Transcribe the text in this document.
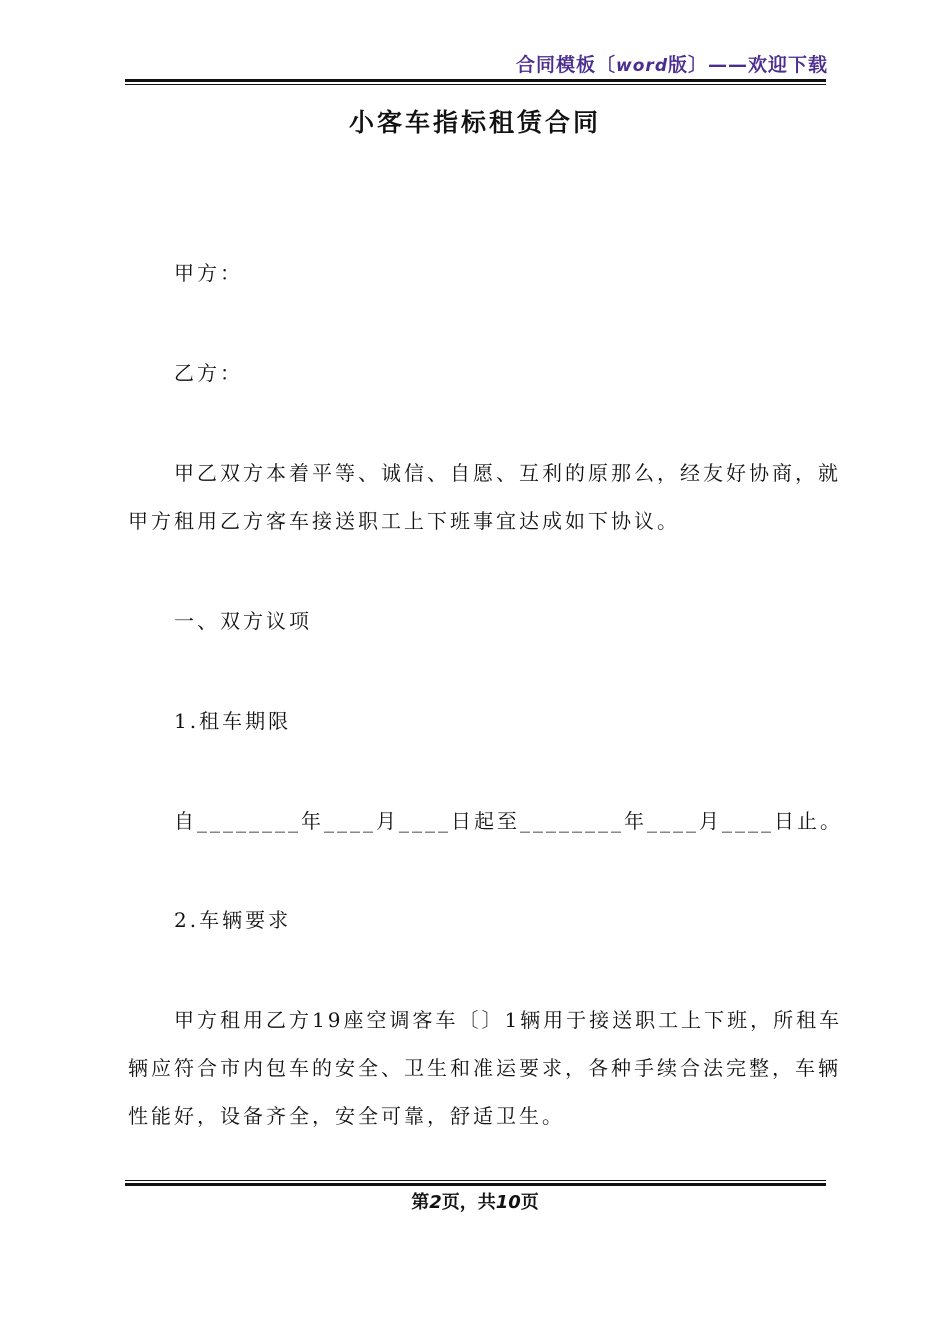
合同模板〔word版〕——欢迎下载
小客车指标租赁合同
甲方：
乙方：
甲乙双方本着平等、诚信、自愿、互利的原那么，经友好协商，就
甲方租用乙方客车接送职工上下班事宜达成如下协议。
一、双方议项
1.租车期限
自________年____月____日起至________年____月____日止。
2.车辆要求
甲方租用乙方19座空调客车〔〕1辆用于接送职工上下班，所租车
辆应符合市内包车的安全、卫生和准运要求，各种手续合法完整，车辆
性能好，设备齐全，安全可靠，舒适卫生。
第2页，共10页
